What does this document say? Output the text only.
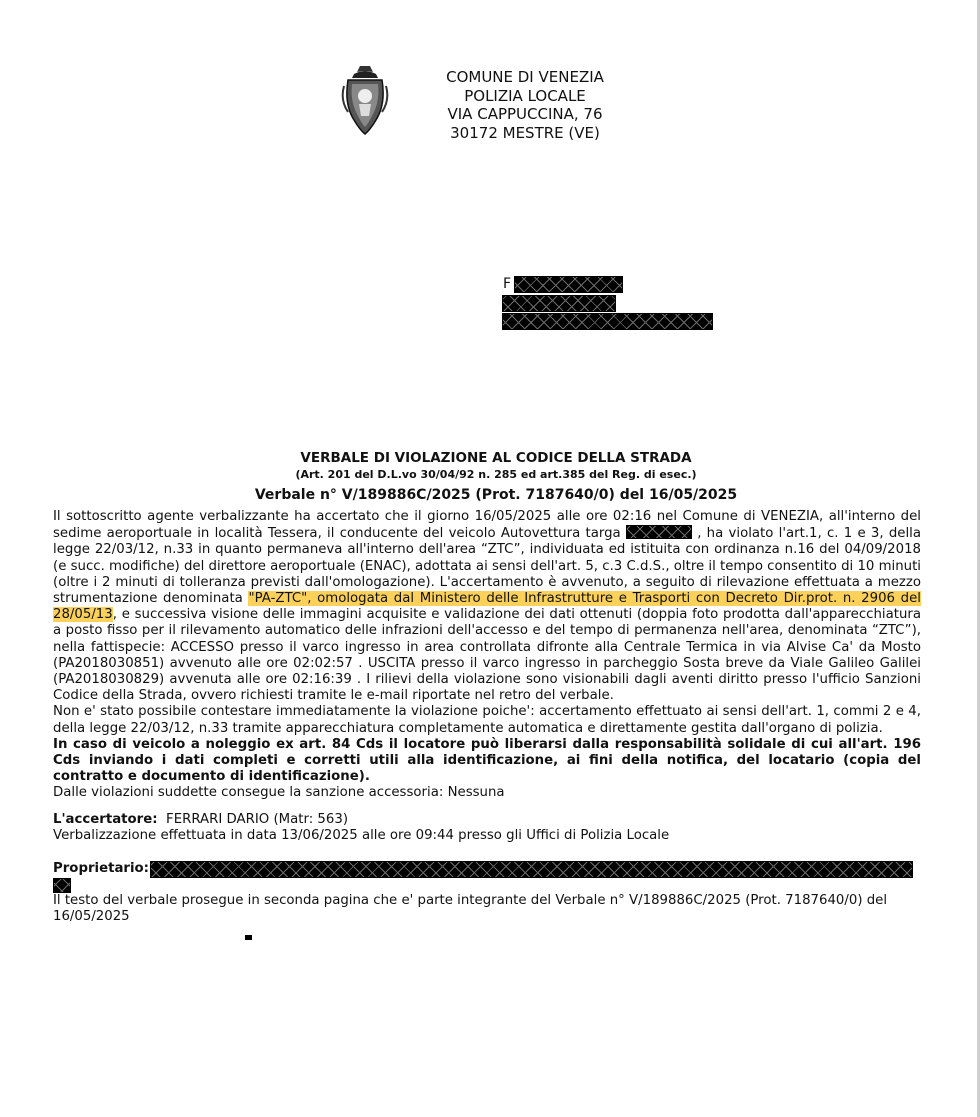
COMUNE DI VENEZIA
POLIZIA LOCALE
VIA CAPPUCCINA, 76
30172 MESTRE (VE)
F
VERBALE DI VIOLAZIONE AL CODICE DELLA STRADA
(Art. 201 del D.L.vo 30/04/92 n. 285 ed art.385 del Reg. di esec.)
Verbale n° V/189886C/2025 (Prot. 7187640/0) del 16/05/2025

Il sottoscritto agente verbalizzante ha accertato che il giorno 16/05/2025 alle ore 02:16 nel Comune di VENEZIA, all'interno del sedime aeroportuale in località Tessera, il conducente del veicolo Autovettura targa	, ha violato l'art.1, c. 1 e 3, della legge 22/03/12, n.33 in quanto permaneva all'interno dell'area “ZTC”, individuata ed istituita con ordinanza n.16 del 04/09/2018 (e succ. modifiche) del direttore aeroportuale (ENAC), adottata ai sensi dell'art. 5, c.3 C.d.S., oltre il tempo consentito di 10 minuti (oltre i 2 minuti di tolleranza previsti dall'omologazione). L'accertamento è avvenuto, a seguito di rilevazione effettuata a mezzo strumentazione denominata "PA-ZTC", omologata dal Ministero delle Infrastrutture e Trasporti con Decreto Dir.prot. n. 2906 del 28/05/13, e successiva visione delle immagini acquisite e validazione dei dati ottenuti (doppia foto prodotta dall'apparecchiatura a posto fisso per il rilevamento automatico delle infrazioni dell'accesso e del tempo di permanenza nell'area, denominata “ZTC”), nella fattispecie: ACCESSO presso il varco ingresso in area controllata difronte alla Centrale Termica in via Alvise Ca' da Mosto (PA2018030851) avvenuto alle ore 02:02:57 . USCITA presso il varco ingresso in parcheggio Sosta breve da Viale Galileo Galilei (PA2018030829) avvenuta alle ore 02:16:39 . I rilievi della violazione sono visionabili dagli aventi diritto presso l'ufficio Sanzioni Codice della Strada, ovvero richiesti tramite le e-mail riportate nel retro del verbale.

Non e' stato possibile contestare immediatamente la violazione poiche': accertamento effettuato ai sensi dell'art. 1, commi 2 e 4, della legge 22/03/12, n.33 tramite apparecchiatura completamente automatica e direttamente gestita dall'organo di polizia.

In caso di veicolo a noleggio ex art. 84 Cds il locatore può liberarsi dalla responsabilità solidale di cui all'art. 196 Cds inviando i dati completi e corretti utili alla identificazione, ai fini della notifica, del locatario (copia del contratto e documento di identificazione).

Dalle violazioni suddette consegue la sanzione accessoria: Nessuna

L'accertatore: FERRARI DARIO (Matr: 563)
Verbalizzazione effettuata in data 13/06/2025 alle ore 09:44 presso gli Uffici di Polizia Locale
Proprietario:
Il testo del verbale prosegue in seconda pagina che e' parte integrante del Verbale n° V/189886C/2025 (Prot. 7187640/0) del 16/05/2025
